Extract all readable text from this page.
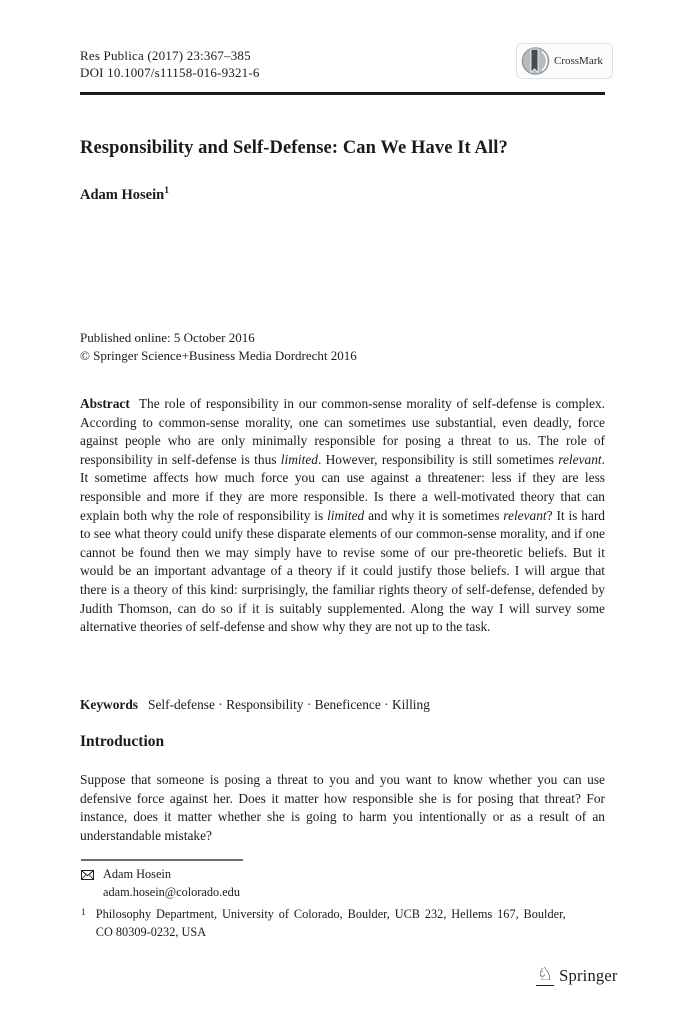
Res Publica (2017) 23:367–385
DOI 10.1007/s11158-016-9321-6
CrossMark
Responsibility and Self-Defense: Can We Have It All?
Adam Hosein$^1$
Published online: 5 October 2016
© Springer Science+Business Media Dordrecht 2016
Abstract The role of responsibility in our common-sense morality of self-defense is complex. According to common-sense morality, one can sometimes use substantial, even deadly, force against people who are only minimally responsible for posing a threat to us. The role of responsibility in self-defense is thus limited. However, responsibility is still sometimes relevant. It sometime affects how much force you can use against a threatener: less if they are less responsible and more if they are more responsible. Is there a well-motivated theory that can explain both why the role of responsibility is limited and why it is sometimes relevant? It is hard to see what theory could unify these disparate elements of our common-sense morality, and if one cannot be found then we may simply have to revise some of our pre-theoretic beliefs. But it would be an important advantage of a theory if it could justify those beliefs. I will argue that there is a theory of this kind: surprisingly, the familiar rights theory of self-defense, defended by Judith Thomson, can do so if it is suitably supplemented. Along the way I will survey some alternative theories of self-defense and show why they are not up to the task.
Keywords Self-defense · Responsibility · Beneficence · Killing
Introduction
Suppose that someone is posing a threat to you and you want to know whether you can use defensive force against her. Does it matter how responsible she is for posing that threat? For instance, does it matter whether she is going to harm you intentionally or as a result of an understandable mistake?
Adam Hosein
adam.hosein@colorado.edu
1 Philosophy Department, University of Colorado, Boulder, UCB 232, Hellems 167, Boulder, CO 80309-0232, USA
♘ Springer
